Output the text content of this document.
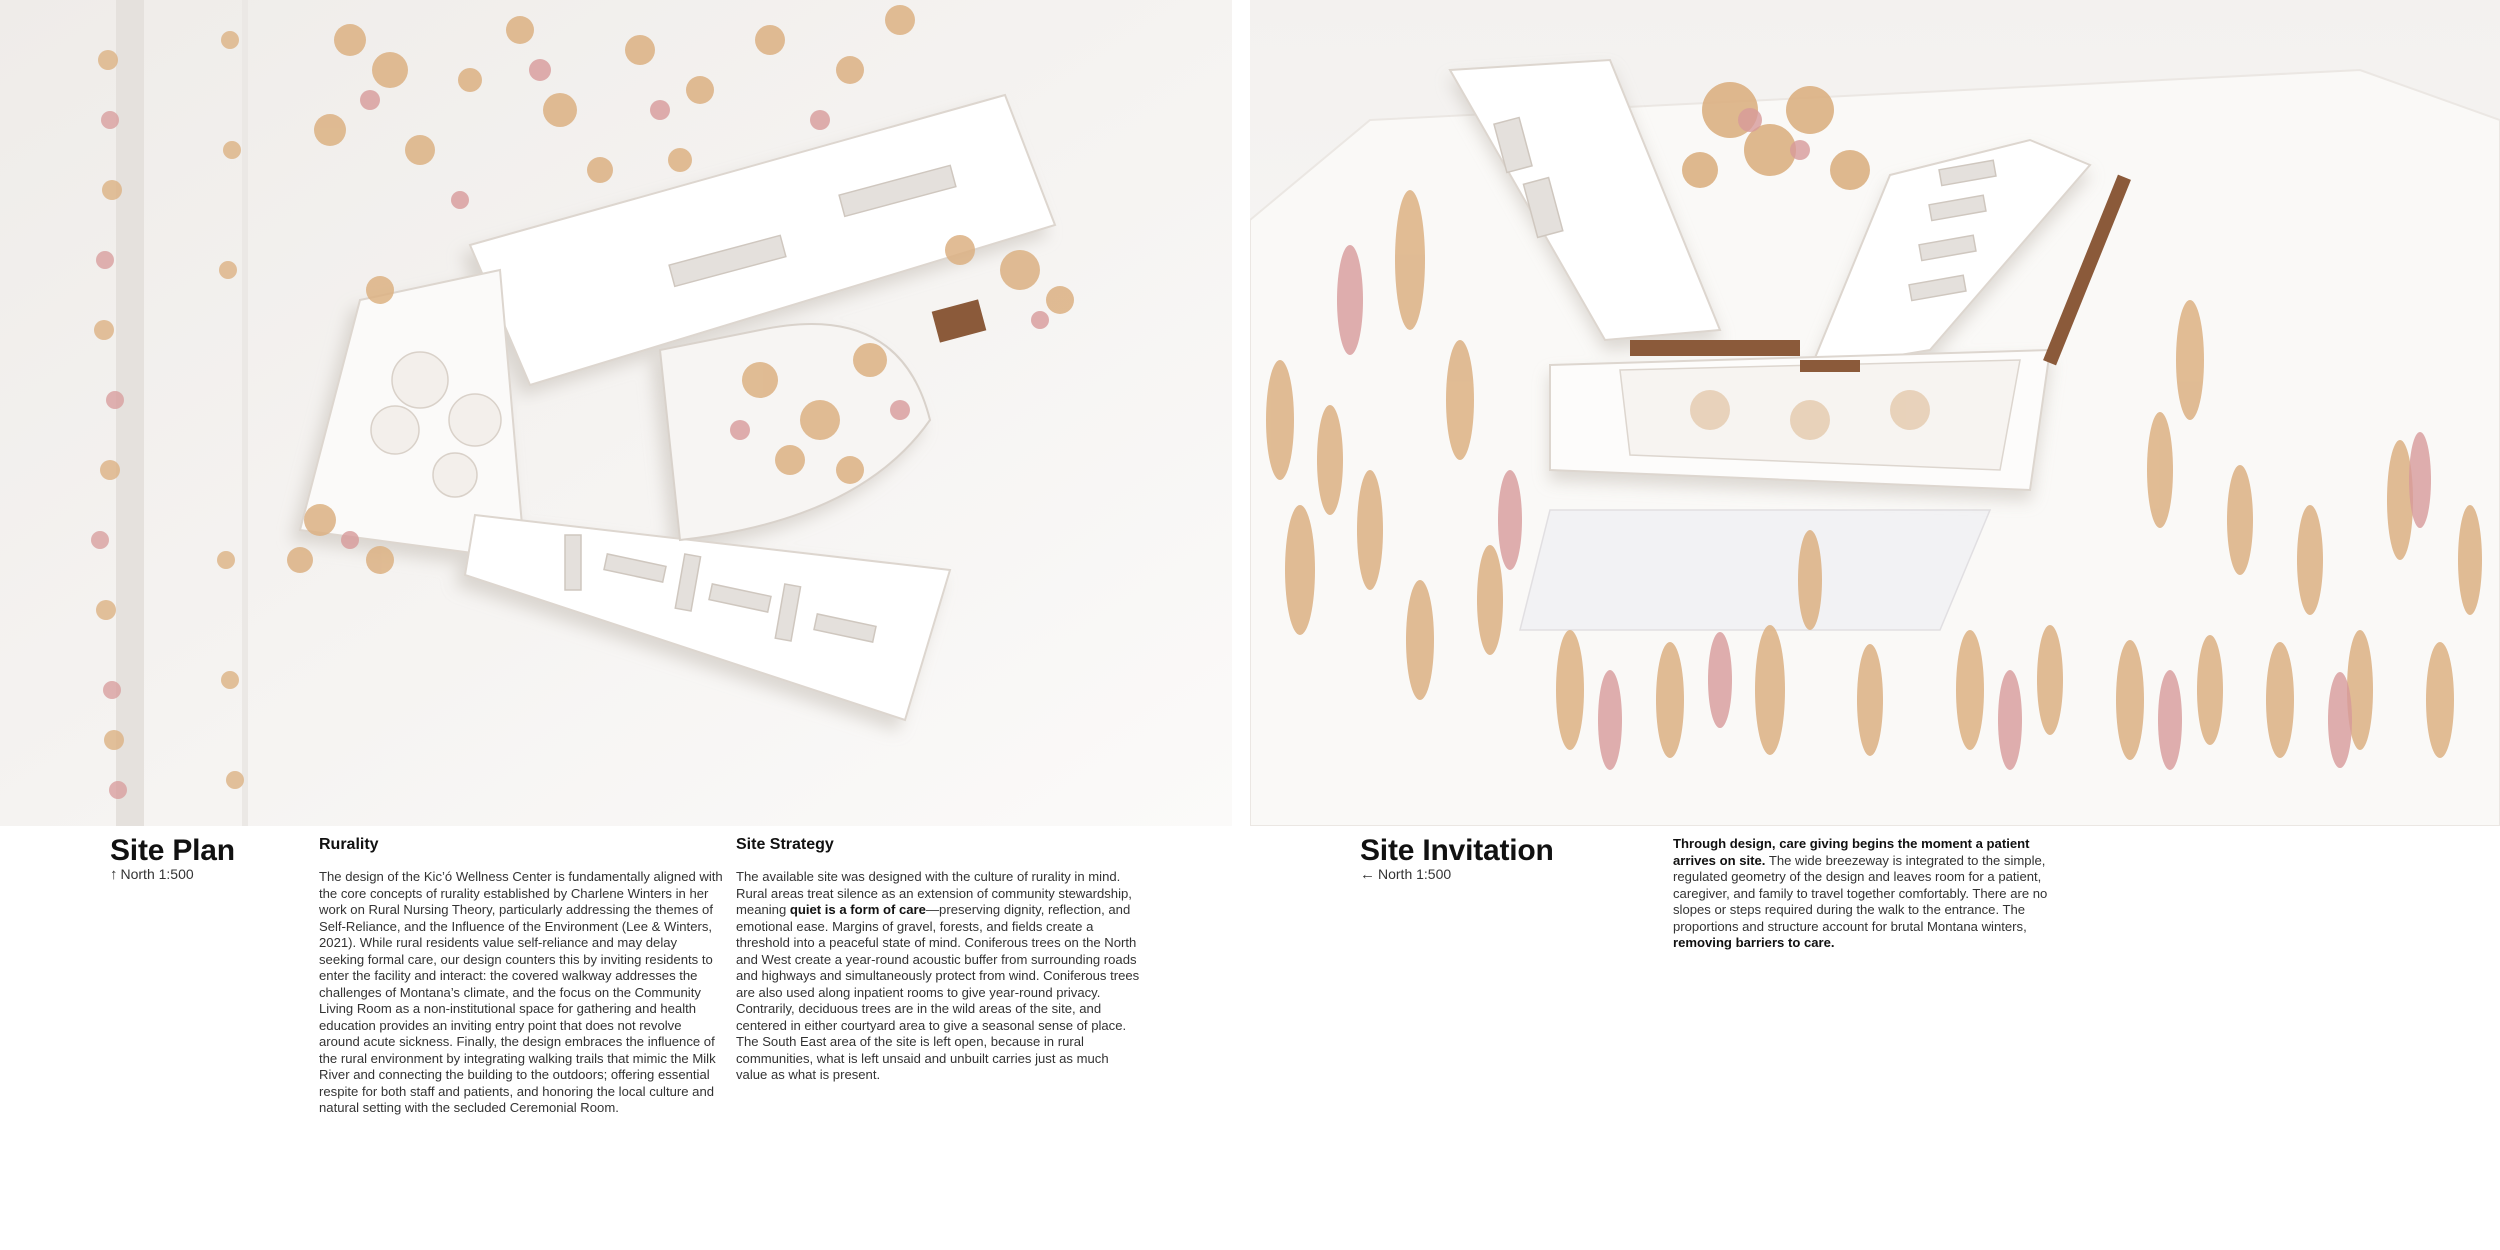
Site Plan
↑ North 1:500
Rurality

The design of the Kic’ó Wellness Center is fundamentally aligned with the core concepts of rurality established by Charlene Winters in her work on Rural Nursing Theory, particularly addressing the themes of Self-Reliance, and the Influence of the Environment (Lee & Winters, 2021). While rural residents value self-reliance and may delay seeking formal care, our design counters this by inviting residents to enter the facility and interact: the covered walkway addresses the challenges of Montana’s climate, and the focus on the Community Living Room as a non-institutional space for gathering and health education provides an inviting entry point that does not revolve around acute sickness. Finally, the design embraces the influence of the rural environment by integrating walking trails that mimic the Milk River and connecting the building to the outdoors; offering essential respite for both staff and patients, and honoring the local culture and natural setting with the secluded Ceremonial Room.

Site Strategy

The available site was designed with the culture of rurality in mind. Rural areas treat silence as an extension of community stewardship, meaning quiet is a form of care—preserving dignity, reflection, and emotional ease. Margins of gravel, forests, and fields create a threshold into a peaceful state of mind. Coniferous trees on the North and West create a year-round acoustic buffer from surrounding roads and highways and simultaneously protect from wind. Coniferous trees are also used along inpatient rooms to give year-round privacy. Contrarily, deciduous trees are in the wild areas of the site, and centered in either courtyard area to give a seasonal sense of place. The South East area of the site is left open, because in rural communities, what is left unsaid and unbuilt carries just as much value as what is present.

Site Invitation
← North 1:500

Through design, care giving begins the moment a patient arrives on site. The wide breezeway is integrated to the simple, regulated geometry of the design and leaves room for a patient, caregiver, and family to travel together comfortably. There are no slopes or steps required during the walk to the entrance. The proportions and structure account for brutal Montana winters, removing barriers to care.
